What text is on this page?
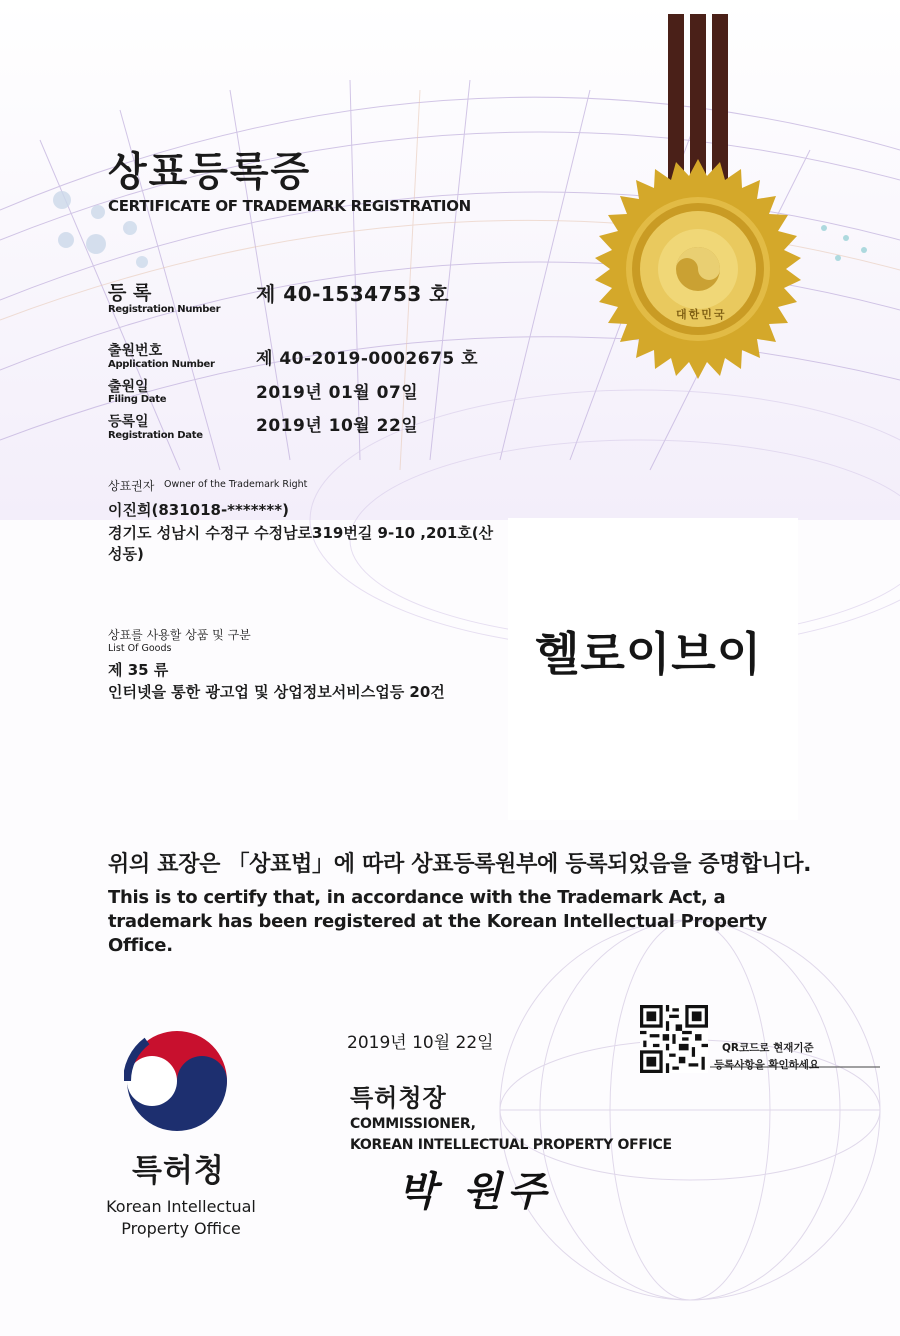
대한민국
상표등록증
CERTIFICATE OF TRADEMARK REGISTRATION
등 록
Registration Number
제 40-1534753 호
출원번호
Application Number 제 40-2019-0002675 호
출원일
Filing Date	2019년 01월 07일
등록일
Registration Date	2019년 10월 22일
상표권자 Owner of the Trademark Right
이진희(831018-*******)
경기도 성남시 수정구 수정남로319번길 9-10 ,201호(산
성동)
상표를 사용할 상품 및 구분
List Of Goods
제 35 류
인터넷을 통한 광고업 및 상업정보서비스업등 20건
헬로이브이
위의 표장은 「상표법」에 따라 상표등록원부에 등록되었음을 증명합니다.
This is to certify that, in accordance with the Trademark Act, a trademark has been registered at the Korean Intellectual Property Office.
특허청
Korean Intellectual Property Office
2019년 10월 22일
특허청장
COMMISSIONER,
KOREAN INTELLECTUAL PROPERTY OFFICE
박 원주
QR코드로 현재기준
등록사항을 확인하세요
